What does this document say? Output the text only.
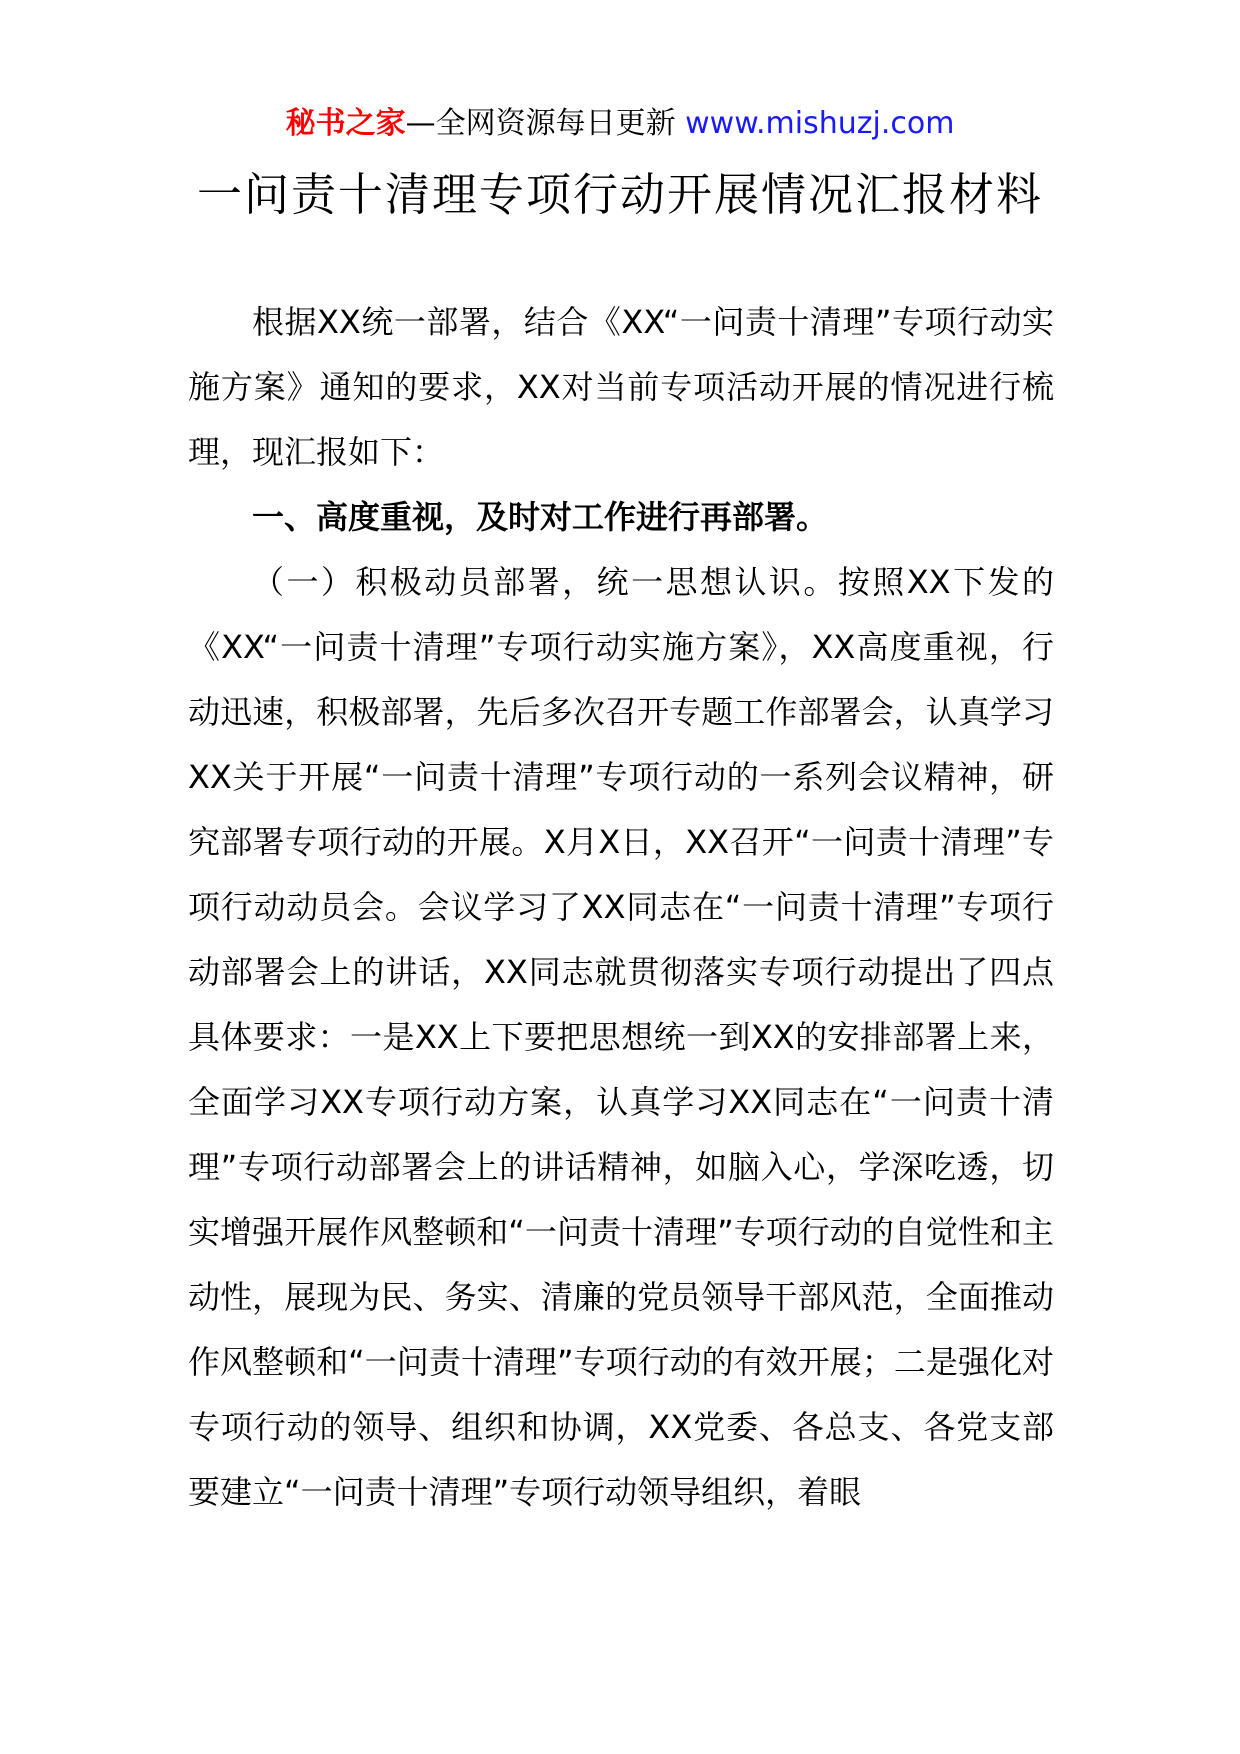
秘书之家—全网资源每日更新 www.mishuzj.com
一问责十清理专项行动开展情况汇报材料

根据XX统一部署，结合《XX“一问责十清理”专项行动实施方案》通知的要求，XX对当前专项活动开展的情况进行梳理，现汇报如下：

一、高度重视，及时对工作进行再部署。

（一）积极动员部署，统一思想认识。按照XX下发的《XX“一问责十清理”专项行动实施方案》，XX高度重视，行动迅速，积极部署，先后多次召开专题工作部署会，认真学习XX关于开展“一问责十清理”专项行动的一系列会议精神，研究部署专项行动的开展。X月X日，XX召开“一问责十清理”专项行动动员会。会议学习了XX同志在“一问责十清理”专项行动部署会上的讲话，XX同志就贯彻落实专项行动提出了四点具体要求：一是XX上下要把思想统一到XX的安排部署上来，全面学习XX专项行动方案，认真学习XX同志在“一问责十清理”专项行动部署会上的讲话精神，如脑入心，学深吃透，切实增强开展作风整顿和“一问责十清理”专项行动的自觉性和主动性，展现为民、务实、清廉的党员领导干部风范，全面推动作风整顿和“一问责十清理”专项行动的有效开展；二是强化对专项行动的领导、组织和协调，XX党委、各总支、各党支部要建立“一问责十清理”专项行动领导组织，着眼
